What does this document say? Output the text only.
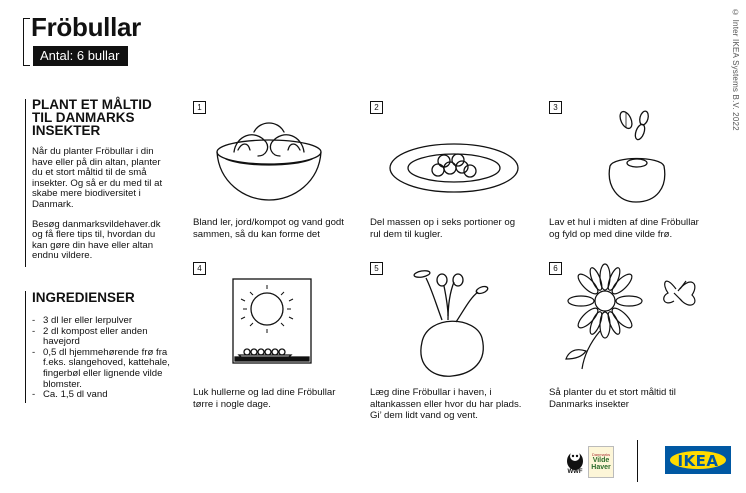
Fröbullar
Antal: 6 bullar	© Inter IKEA Systems B.V. 2022
PLANT ET MÅLTID
TIL DANMARKS
INSEKTER
Når du planter Fröbullar i din
have eller på din altan, planter
du et stort måltid til de små
insekter. Og så er du med til at
skabe mere biodiversitet i
Danmark.
Besøg danmarksvildehaver.dk
og få flere tips til, hvordan du
kan gøre din have eller altan
endnu vildere.
INGREDIENSER
- 3 dl ler eller lerpulver
- 2 dl kompost eller anden
havejord
- 0,5 dl hjemmehørende frø fra
f.eks. slangehoved, kattehale,
fingerbøl eller lignende vilde
blomster.
- Ca. 1,5 dl vand
1	2	3
4	5	6
Bland ler, jord/kompot og vand godt
sammen, så du kan forme det
Del massen op i seks portioner og
rul dem til kugler.
Lav et hul i midten af dine Fröbullar
og fyld op med dine vilde frø.
Luk hullerne og lad dine Fröbullar
tørre i nogle dage.
Læg dine Fröbullar i haven, i
altankassen eller hvor du har plads.
Gi’ dem lidt vand og vent.
Så planter du et stort måltid til
Danmarks insekter
WWF
Danmarks
Vilde
Haver	IKEA
